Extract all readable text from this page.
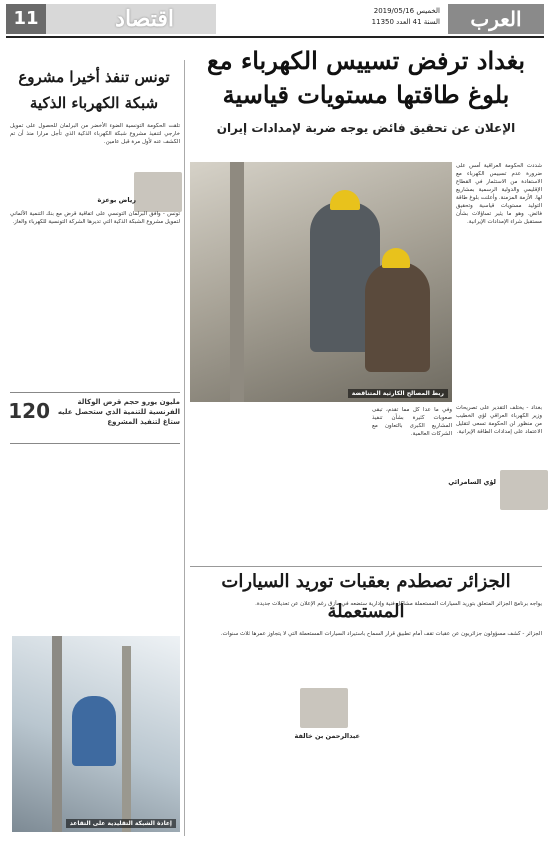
العرب
الخميس 2019/05/16
السنة 41 العدد 11350
11	اقتصاد
بغداد ترفض تسييس الكهرباء مع بلوغ طاقتها مستويات قياسية
الإعلان عن تحقيق فائض يوجه ضربة لإمدادات إيران
ربط المصالح الكارثية المتناقضة

شددت الحكومة العراقية أمس على ضرورة عدم تسييس الكهرباء مع الاستفادة من الاستثمار في القطاع الإقليمي والدولية الرسمية بمشاريع لها. الأزمة المزمنة. وأعلنت بلوغ طاقة التوليد مستويات قياسية وتحقيق فائض. وهو ما يثير تساؤلات بشأن مستقبل شراء الإمدادات الإيرانية.

بغداد - يختلف التقدير على تصريحات وزير الكهرباء العراقي لؤي الخطيب من منظور لن الحكومة تسعى لتقليل الاعتماد على إمدادات الطاقة الإيرانية.

لؤي السامرائي

وفي ما عدا كل مما تقدم، تبقى صعوبات كثيرة بشأن تنفيذ المشاريع الكبرى بالتعاون مع الشركات العالمية.

تونس تنفذ أخيرا مشروع شبكة الكهرباء الذكية

تلقت الحكومة التونسية الضوء الأخضر من البرلمان للحصول على تمويل خارجي لتنفيذ مشروع شبكة الكهرباء الذكية الذي تأجل مرارا منذ أن تم الكشف عنه لأول مرة قبل عامين.

رياض بوعزة

تونس - وافق البرلمان التونسي على اتفاقية قرض مع بنك التنمية الألماني لتمويل مشروع الشبكة الذكية التي تديرها الشركة التونسية للكهرباء والغاز.

120	مليون يورو حجم قرض الوكالة الفرنسية للتنمية الذي ستحصل عليه ستاغ لتنفيذ المشروع
إعادة الشبكة التقليدية على التقاعد
الجزائر تصطدم بعقبات توريد السيارات المستعملة

يواجه برنامج الجزائر المتعلق بتوريد السيارات المستعملة مشاكل فنية وإدارية ستضعه في مأزق رغم الإعلان عن تعديلات جديدة.

الجزائر - كشف مسؤولون جزائريون عن عقبات تقف أمام تطبيق قرار السماح باستيراد السيارات المستعملة التي لا يتجاوز عمرها ثلاث سنوات.

عبدالرحمن بن خالفة
